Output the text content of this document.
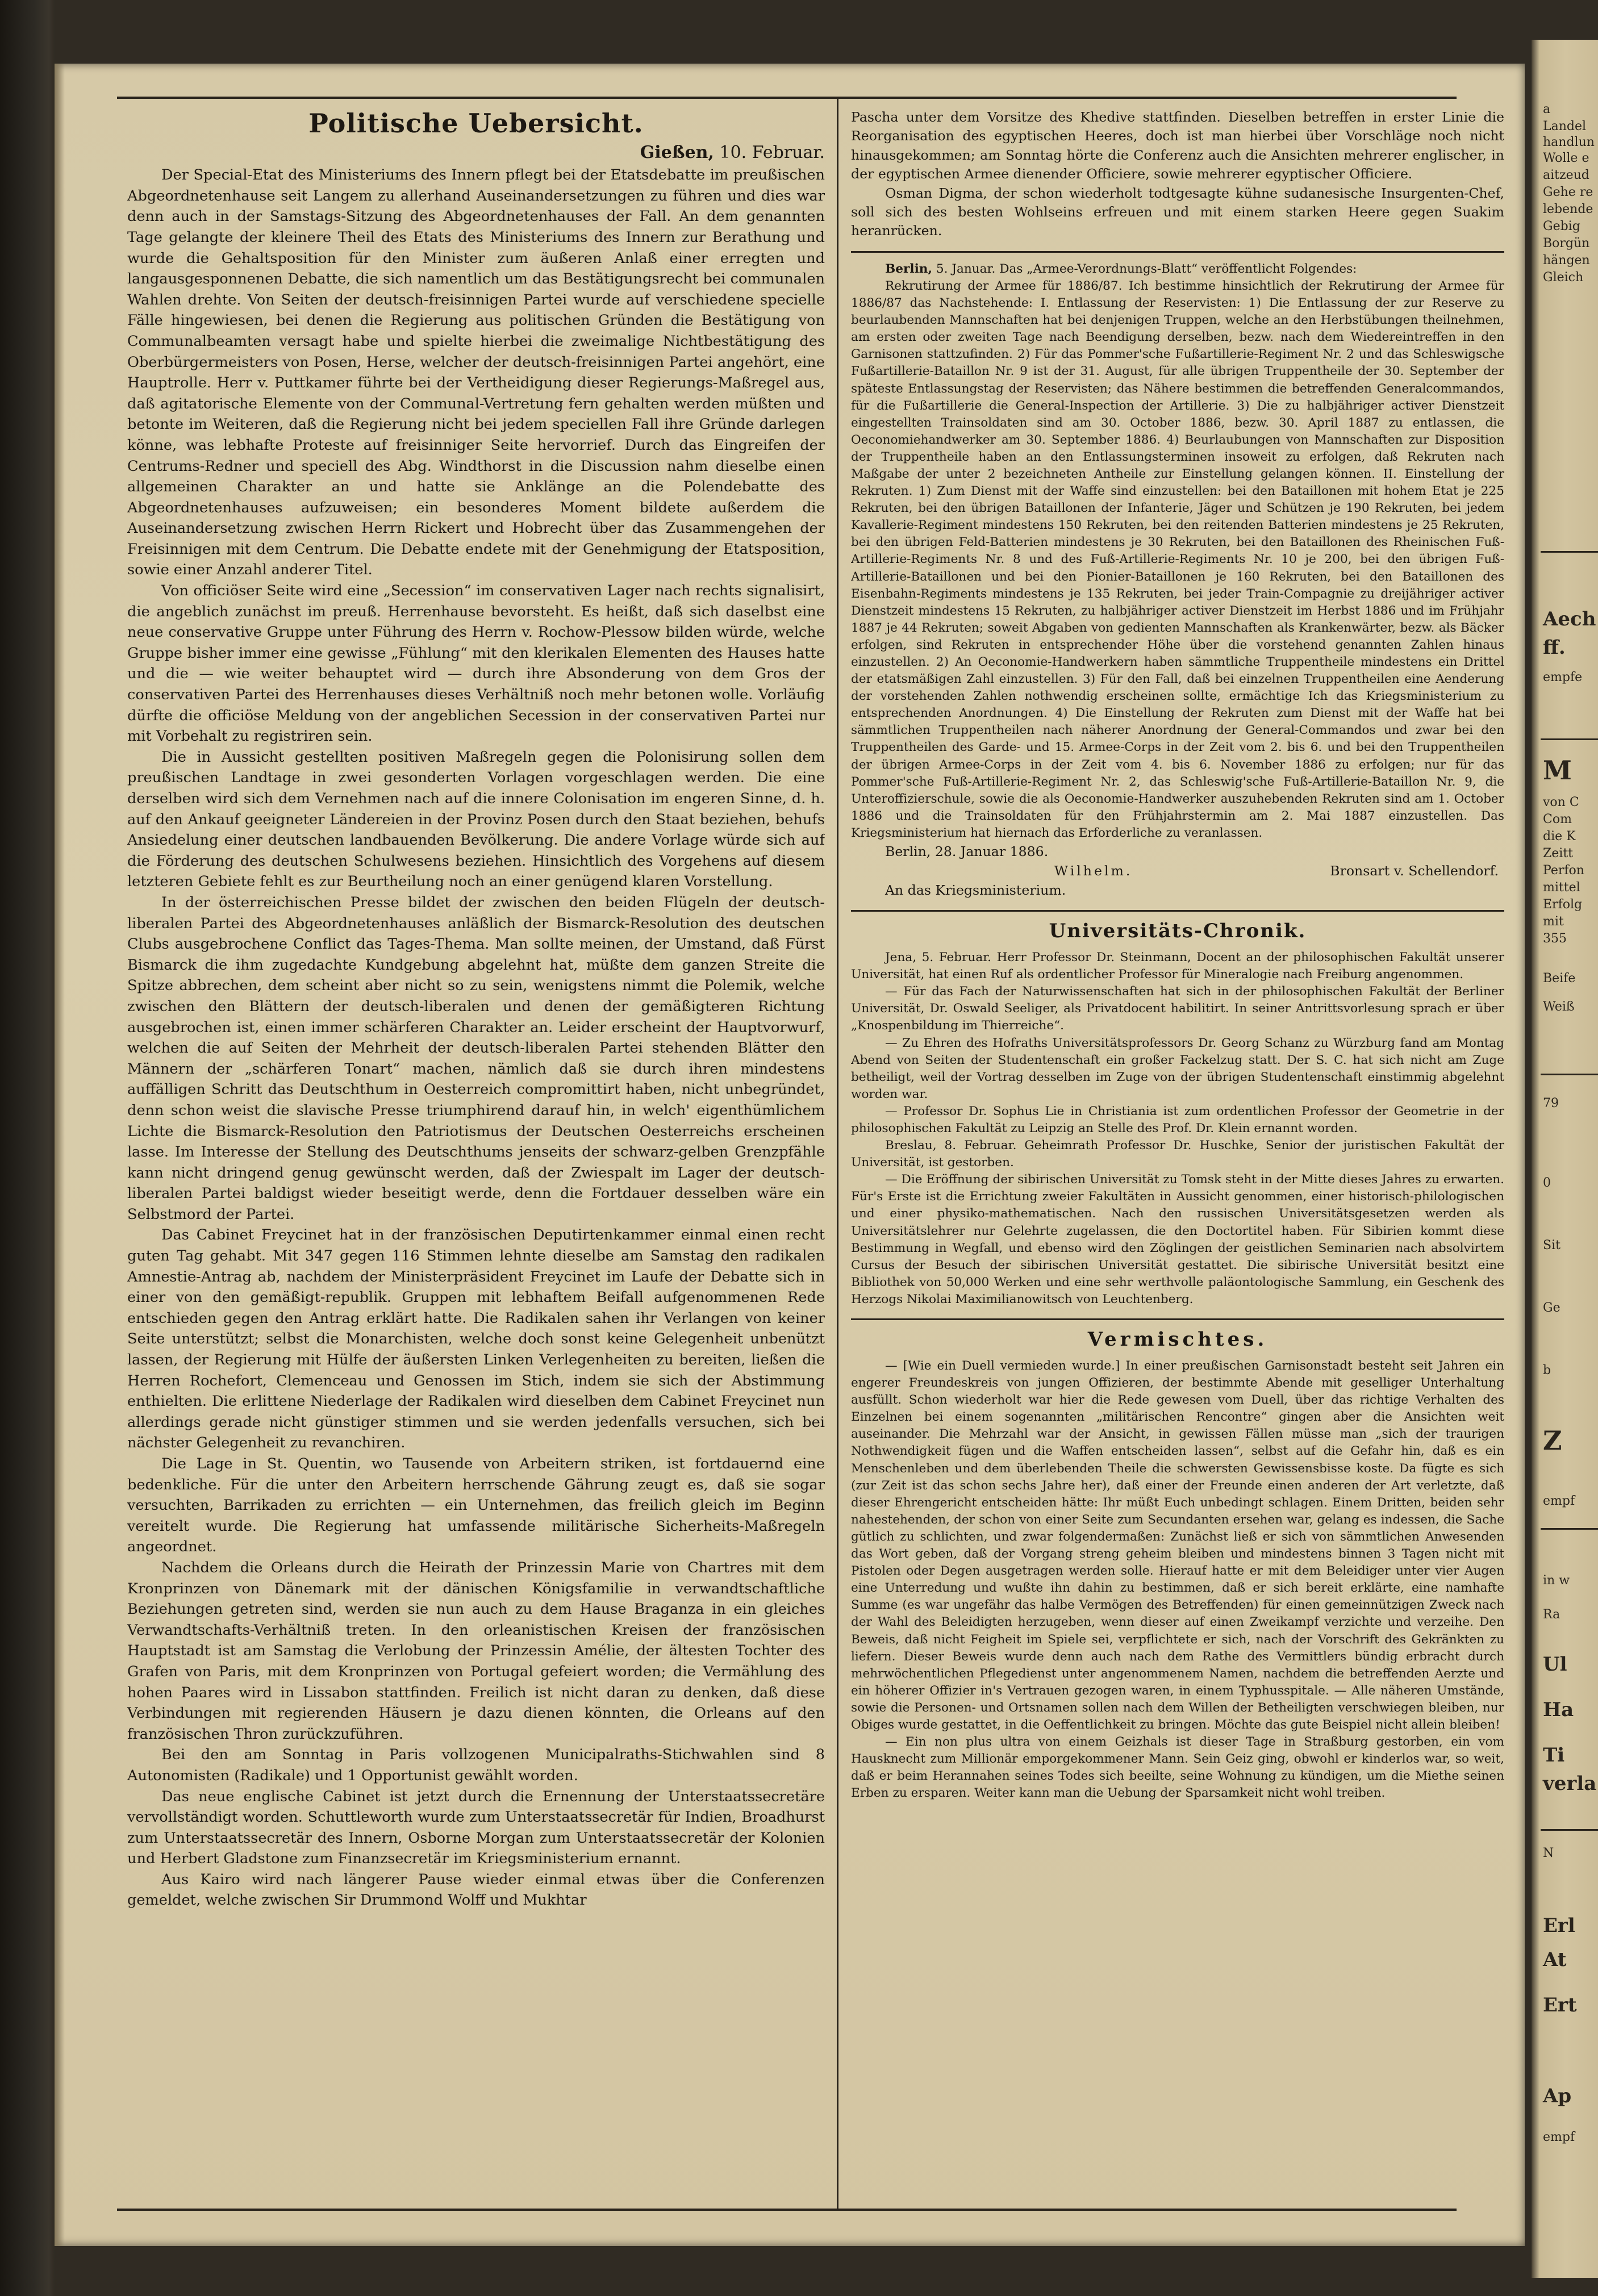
Politische Uebersicht.
Gießen, 10. Februar.

Der Special-Etat des Ministeriums des Innern pflegt bei der Etatsdebatte im preußischen Abgeordnetenhause seit Langem zu allerhand Auseinandersetzungen zu führen und dies war denn auch in der Samstags-Sitzung des Abgeordnetenhauses der Fall. An dem genannten Tage gelangte der kleinere Theil des Etats des Ministeriums des Innern zur Berathung und wurde die Gehaltsposition für den Minister zum äußeren Anlaß einer erregten und langausgesponnenen Debatte, die sich namentlich um das Bestätigungsrecht bei communalen Wahlen drehte. Von Seiten der deutsch-freisinnigen Partei wurde auf verschiedene specielle Fälle hingewiesen, bei denen die Regierung aus politischen Gründen die Bestätigung von Communalbeamten versagt habe und spielte hierbei die zweimalige Nichtbestätigung des Oberbürgermeisters von Posen, Herse, welcher der deutsch-freisinnigen Partei angehört, eine Hauptrolle. Herr v. Puttkamer führte bei der Vertheidigung dieser Regierungs-Maßregel aus, daß agitatorische Elemente von der Communal-Vertretung fern gehalten werden müßten und betonte im Weiteren, daß die Regierung nicht bei jedem speciellen Fall ihre Gründe darlegen könne, was lebhafte Proteste auf freisinniger Seite hervorrief. Durch das Eingreifen der Centrums-Redner und speciell des Abg. Windthorst in die Discussion nahm dieselbe einen allgemeinen Charakter an und hatte sie Anklänge an die Polendebatte des Abgeordnetenhauses aufzuweisen; ein besonderes Moment bildete außerdem die Auseinandersetzung zwischen Herrn Rickert und Hobrecht über das Zusammengehen der Freisinnigen mit dem Centrum. Die Debatte endete mit der Genehmigung der Etatsposition, sowie einer Anzahl anderer Titel.

Von officiöser Seite wird eine „Secession“ im conservativen Lager nach rechts signalisirt, die angeblich zunächst im preuß. Herrenhause bevorsteht. Es heißt, daß sich daselbst eine neue conservative Gruppe unter Führung des Herrn v. Rochow-Plessow bilden würde, welche Gruppe bisher immer eine gewisse „Fühlung“ mit den klerikalen Elementen des Hauses hatte und die — wie weiter behauptet wird — durch ihre Absonderung von dem Gros der conservativen Partei des Herrenhauses dieses Verhältniß noch mehr betonen wolle. Vorläufig dürfte die officiöse Meldung von der angeblichen Secession in der conservativen Partei nur mit Vorbehalt zu registriren sein.

Die in Aussicht gestellten positiven Maßregeln gegen die Polonisirung sollen dem preußischen Landtage in zwei gesonderten Vorlagen vorgeschlagen werden. Die eine derselben wird sich dem Vernehmen nach auf die innere Colonisation im engeren Sinne, d. h. auf den Ankauf geeigneter Ländereien in der Provinz Posen durch den Staat beziehen, behufs Ansiedelung einer deutschen landbauenden Bevölkerung. Die andere Vorlage würde sich auf die Förderung des deutschen Schulwesens beziehen. Hinsichtlich des Vorgehens auf diesem letzteren Gebiete fehlt es zur Beurtheilung noch an einer genügend klaren Vorstellung.

In der österreichischen Presse bildet der zwischen den beiden Flügeln der deutsch-liberalen Partei des Abgeordnetenhauses anläßlich der Bismarck-Resolution des deutschen Clubs ausgebrochene Conflict das Tages-Thema. Man sollte meinen, der Umstand, daß Fürst Bismarck die ihm zugedachte Kundgebung abgelehnt hat, müßte dem ganzen Streite die Spitze abbrechen, dem scheint aber nicht so zu sein, wenigstens nimmt die Polemik, welche zwischen den Blättern der deutsch-liberalen und denen der gemäßigteren Richtung ausgebrochen ist, einen immer schärferen Charakter an. Leider erscheint der Hauptvorwurf, welchen die auf Seiten der Mehrheit der deutsch-liberalen Partei stehenden Blätter den Männern der „schärferen Tonart“ machen, nämlich daß sie durch ihren mindestens auffälligen Schritt das Deutschthum in Oesterreich compromittirt haben, nicht unbegründet, denn schon weist die slavische Presse triumphirend darauf hin, in welch' eigenthümlichem Lichte die Bismarck-Resolution den Patriotismus der Deutschen Oesterreichs erscheinen lasse. Im Interesse der Stellung des Deutschthums jenseits der schwarz-gelben Grenzpfähle kann nicht dringend genug gewünscht werden, daß der Zwiespalt im Lager der deutsch-liberalen Partei baldigst wieder beseitigt werde, denn die Fortdauer desselben wäre ein Selbstmord der Partei.

Das Cabinet Freycinet hat in der französischen Deputirtenkammer einmal einen recht guten Tag gehabt. Mit 347 gegen 116 Stimmen lehnte dieselbe am Samstag den radikalen Amnestie-Antrag ab, nachdem der Ministerpräsident Freycinet im Laufe der Debatte sich in einer von den gemäßigt-republik. Gruppen mit lebhaftem Beifall aufgenommenen Rede entschieden gegen den Antrag erklärt hatte. Die Radikalen sahen ihr Verlangen von keiner Seite unterstützt; selbst die Monarchisten, welche doch sonst keine Gelegenheit unbenützt lassen, der Regierung mit Hülfe der äußersten Linken Verlegenheiten zu bereiten, ließen die Herren Rochefort, Clemenceau und Genossen im Stich, indem sie sich der Abstimmung enthielten. Die erlittene Niederlage der Radikalen wird dieselben dem Cabinet Freycinet nun allerdings gerade nicht günstiger stimmen und sie werden jedenfalls versuchen, sich bei nächster Gelegenheit zu revanchiren.

Die Lage in St. Quentin, wo Tausende von Arbeitern striken, ist fortdauernd eine bedenkliche. Für die unter den Arbeitern herrschende Gährung zeugt es, daß sie sogar versuchten, Barrikaden zu errichten — ein Unternehmen, das freilich gleich im Beginn vereitelt wurde. Die Regierung hat umfassende militärische Sicherheits-Maßregeln angeordnet.

Nachdem die Orleans durch die Heirath der Prinzessin Marie von Chartres mit dem Kronprinzen von Dänemark mit der dänischen Königsfamilie in verwandtschaftliche Beziehungen getreten sind, werden sie nun auch zu dem Hause Braganza in ein gleiches Verwandtschafts-Verhältniß treten. In den orleanistischen Kreisen der französischen Hauptstadt ist am Samstag die Verlobung der Prinzessin Amélie, der ältesten Tochter des Grafen von Paris, mit dem Kronprinzen von Portugal gefeiert worden; die Vermählung des hohen Paares wird in Lissabon stattfinden. Freilich ist nicht daran zu denken, daß diese Verbindungen mit regierenden Häusern je dazu dienen könnten, die Orleans auf den französischen Thron zurückzuführen.

Bei den am Sonntag in Paris vollzogenen Municipalraths-Stichwahlen sind 8 Autonomisten (Radikale) und 1 Opportunist gewählt worden.

Das neue englische Cabinet ist jetzt durch die Ernennung der Unterstaatssecretäre vervollständigt worden. Schuttleworth wurde zum Unterstaatssecretär für Indien, Broadhurst zum Unterstaatssecretär des Innern, Osborne Morgan zum Unterstaatssecretär der Kolonien und Herbert Gladstone zum Finanzsecretär im Kriegsministerium ernannt.

Aus Kairo wird nach längerer Pause wieder einmal etwas über die Conferenzen gemeldet, welche zwischen Sir Drummond Wolff und Mukhtar

Pascha unter dem Vorsitze des Khedive stattfinden. Dieselben betreffen in erster Linie die Reorganisation des egyptischen Heeres, doch ist man hierbei über Vorschläge noch nicht hinausgekommen; am Sonntag hörte die Conferenz auch die Ansichten mehrerer englischer, in der egyptischen Armee dienender Officiere, sowie mehrerer egyptischer Officiere.

Osman Digma, der schon wiederholt todtgesagte kühne sudanesische Insurgenten-Chef, soll sich des besten Wohlseins erfreuen und mit einem starken Heere gegen Suakim heranrücken.

Berlin, 5. Januar. Das „Armee-Verordnungs-Blatt“ veröffentlicht Folgendes:

Rekrutirung der Armee für 1886/87. Ich bestimme hinsichtlich der Rekrutirung der Armee für 1886/87 das Nachstehende: I. Entlassung der Reservisten: 1) Die Entlassung der zur Reserve zu beurlaubenden Mannschaften hat bei denjenigen Truppen, welche an den Herbstübungen theilnehmen, am ersten oder zweiten Tage nach Beendigung derselben, bezw. nach dem Wiedereintreffen in den Garnisonen stattzufinden. 2) Für das Pommer'sche Fußartillerie-Regiment Nr. 2 und das Schleswigsche Fußartillerie-Bataillon Nr. 9 ist der 31. August, für alle übrigen Truppentheile der 30. September der späteste Entlassungstag der Reservisten; das Nähere bestimmen die betreffenden Generalcommandos, für die Fußartillerie die General-Inspection der Artillerie. 3) Die zu halbjähriger activer Dienstzeit eingestellten Trainsoldaten sind am 30. October 1886, bezw. 30. April 1887 zu entlassen, die Oeconomiehandwerker am 30. September 1886. 4) Beurlaubungen von Mannschaften zur Disposition der Truppentheile haben an den Entlassungsterminen insoweit zu erfolgen, daß Rekruten nach Maßgabe der unter 2 bezeichneten Antheile zur Einstellung gelangen können. II. Einstellung der Rekruten. 1) Zum Dienst mit der Waffe sind einzustellen: bei den Bataillonen mit hohem Etat je 225 Rekruten, bei den übrigen Bataillonen der Infanterie, Jäger und Schützen je 190 Rekruten, bei jedem Kavallerie-Regiment mindestens 150 Rekruten, bei den reitenden Batterien mindestens je 25 Rekruten, bei den übrigen Feld-Batterien mindestens je 30 Rekruten, bei den Bataillonen des Rheinischen Fuß-Artillerie-Regiments Nr. 8 und des Fuß-Artillerie-Regiments Nr. 10 je 200, bei den übrigen Fuß-Artillerie-Bataillonen und bei den Pionier-Bataillonen je 160 Rekruten, bei den Bataillonen des Eisenbahn-Regiments mindestens je 135 Rekruten, bei jeder Train-Compagnie zu dreijähriger activer Dienstzeit mindestens 15 Rekruten, zu halbjähriger activer Dienstzeit im Herbst 1886 und im Frühjahr 1887 je 44 Rekruten; soweit Abgaben von gedienten Mannschaften als Krankenwärter, bezw. als Bäcker erfolgen, sind Rekruten in entsprechender Höhe über die vorstehend genannten Zahlen hinaus einzustellen. 2) An Oeconomie-Handwerkern haben sämmtliche Truppentheile mindestens ein Drittel der etatsmäßigen Zahl einzustellen. 3) Für den Fall, daß bei einzelnen Truppentheilen eine Aenderung der vorstehenden Zahlen nothwendig erscheinen sollte, ermächtige Ich das Kriegsministerium zu entsprechenden Anordnungen. 4) Die Einstellung der Rekruten zum Dienst mit der Waffe hat bei sämmtlichen Truppentheilen nach näherer Anordnung der General-Commandos und zwar bei den Truppentheilen des Garde- und 15. Armee-Corps in der Zeit vom 2. bis 6. und bei den Truppentheilen der übrigen Armee-Corps in der Zeit vom 4. bis 6. November 1886 zu erfolgen; nur für das Pommer'sche Fuß-Artillerie-Regiment Nr. 2, das Schleswig'sche Fuß-Artillerie-Bataillon Nr. 9, die Unteroffizierschule, sowie die als Oeconomie-Handwerker auszuhebenden Rekruten sind am 1. October 1886 und die Trainsoldaten für den Frühjahrstermin am 2. Mai 1887 einzustellen. Das Kriegsministerium hat hiernach das Erforderliche zu veranlassen.

Berlin, 28. Januar 1886.
Wilhelm.	Bronsart v. Schellendorf.
An das Kriegsministerium.
Universitäts-Chronik.

Jena, 5. Februar. Herr Professor Dr. Steinmann, Docent an der philosophischen Fakultät unserer Universität, hat einen Ruf als ordentlicher Professor für Mineralogie nach Freiburg angenommen.

— Für das Fach der Naturwissenschaften hat sich in der philosophischen Fakultät der Berliner Universität, Dr. Oswald Seeliger, als Privatdocent habilitirt. In seiner Antrittsvorlesung sprach er über „Knospenbildung im Thierreiche“.

— Zu Ehren des Hofraths Universitätsprofessors Dr. Georg Schanz zu Würzburg fand am Montag Abend von Seiten der Studentenschaft ein großer Fackelzug statt. Der S. C. hat sich nicht am Zuge betheiligt, weil der Vortrag desselben im Zuge von der übrigen Studentenschaft einstimmig abgelehnt worden war.

— Professor Dr. Sophus Lie in Christiania ist zum ordentlichen Professor der Geometrie in der philosophischen Fakultät zu Leipzig an Stelle des Prof. Dr. Klein ernannt worden.

Breslau, 8. Februar. Geheimrath Professor Dr. Huschke, Senior der juristischen Fakultät der Universität, ist gestorben.

— Die Eröffnung der sibirischen Universität zu Tomsk steht in der Mitte dieses Jahres zu erwarten. Für's Erste ist die Errichtung zweier Fakultäten in Aussicht genommen, einer historisch-philologischen und einer physiko-mathematischen. Nach den russischen Universitätsgesetzen werden als Universitätslehrer nur Gelehrte zugelassen, die den Doctortitel haben. Für Sibirien kommt diese Bestimmung in Wegfall, und ebenso wird den Zöglingen der geistlichen Seminarien nach absolvirtem Cursus der Besuch der sibirischen Universität gestattet. Die sibirische Universität besitzt eine Bibliothek von 50,000 Werken und eine sehr werthvolle paläontologische Sammlung, ein Geschenk des Herzogs Nikolai Maximilianowitsch von Leuchtenberg.

Vermischtes.

— [Wie ein Duell vermieden wurde.] In einer preußischen Garnisonstadt besteht seit Jahren ein engerer Freundeskreis von jungen Offizieren, der bestimmte Abende mit geselliger Unterhaltung ausfüllt. Schon wiederholt war hier die Rede gewesen vom Duell, über das richtige Verhalten des Einzelnen bei einem sogenannten „militärischen Rencontre“ gingen aber die Ansichten weit auseinander. Die Mehrzahl war der Ansicht, in gewissen Fällen müsse man „sich der traurigen Nothwendigkeit fügen und die Waffen entscheiden lassen“, selbst auf die Gefahr hin, daß es ein Menschenleben und dem überlebenden Theile die schwersten Gewissensbisse koste. Da fügte es sich (zur Zeit ist das schon sechs Jahre her), daß einer der Freunde einen anderen der Art verletzte, daß dieser Ehrengericht entscheiden hätte: Ihr müßt Euch unbedingt schlagen. Einem Dritten, beiden sehr nahestehenden, der schon von einer Seite zum Secundanten ersehen war, gelang es indessen, die Sache gütlich zu schlichten, und zwar folgendermaßen: Zunächst ließ er sich von sämmtlichen Anwesenden das Wort geben, daß der Vorgang streng geheim bleiben und mindestens binnen 3 Tagen nicht mit Pistolen oder Degen ausgetragen werden solle. Hierauf hatte er mit dem Beleidiger unter vier Augen eine Unterredung und wußte ihn dahin zu bestimmen, daß er sich bereit erklärte, eine namhafte Summe (es war ungefähr das halbe Vermögen des Betreffenden) für einen gemeinnützigen Zweck nach der Wahl des Beleidigten herzugeben, wenn dieser auf einen Zweikampf verzichte und verzeihe. Den Beweis, daß nicht Feigheit im Spiele sei, verpflichtete er sich, nach der Vorschrift des Gekränkten zu liefern. Dieser Beweis wurde denn auch nach dem Rathe des Vermittlers bündig erbracht durch mehrwöchentlichen Pflegedienst unter angenommenem Namen, nachdem die betreffenden Aerzte und ein höherer Offizier in's Vertrauen gezogen waren, in einem Typhusspitale. — Alle näheren Umstände, sowie die Personen- und Ortsnamen sollen nach dem Willen der Betheiligten verschwiegen bleiben, nur Obiges wurde gestattet, in die Oeffentlichkeit zu bringen. Möchte das gute Beispiel nicht allein bleiben!

— Ein non plus ultra von einem Geizhals ist dieser Tage in Straßburg gestorben, ein vom Hausknecht zum Millionär emporgekommener Mann. Sein Geiz ging, obwohl er kinderlos war, so weit, daß er beim Herannahen seines Todes sich beeilte, seine Wohnung zu kündigen, um die Miethe seinen Erben zu ersparen. Weiter kann man die Uebung der Sparsamkeit nicht wohl treiben.

a
Landel
handlun
Wolle e
aitzeud
Gehe re
lebende
Gebig
Borgün
hängen
Gleich
Aech
ff.
empfe
M
von C
Com
die K
Zeitt
Perfon
mittel
Erfolg
mit
355
Beife
Weiß
79
0
Sit
Ge
b
Z
empf
in w
Ra
Ul
Ha
Ti
verla
N
Erl
At
Ert
Ap
empf
